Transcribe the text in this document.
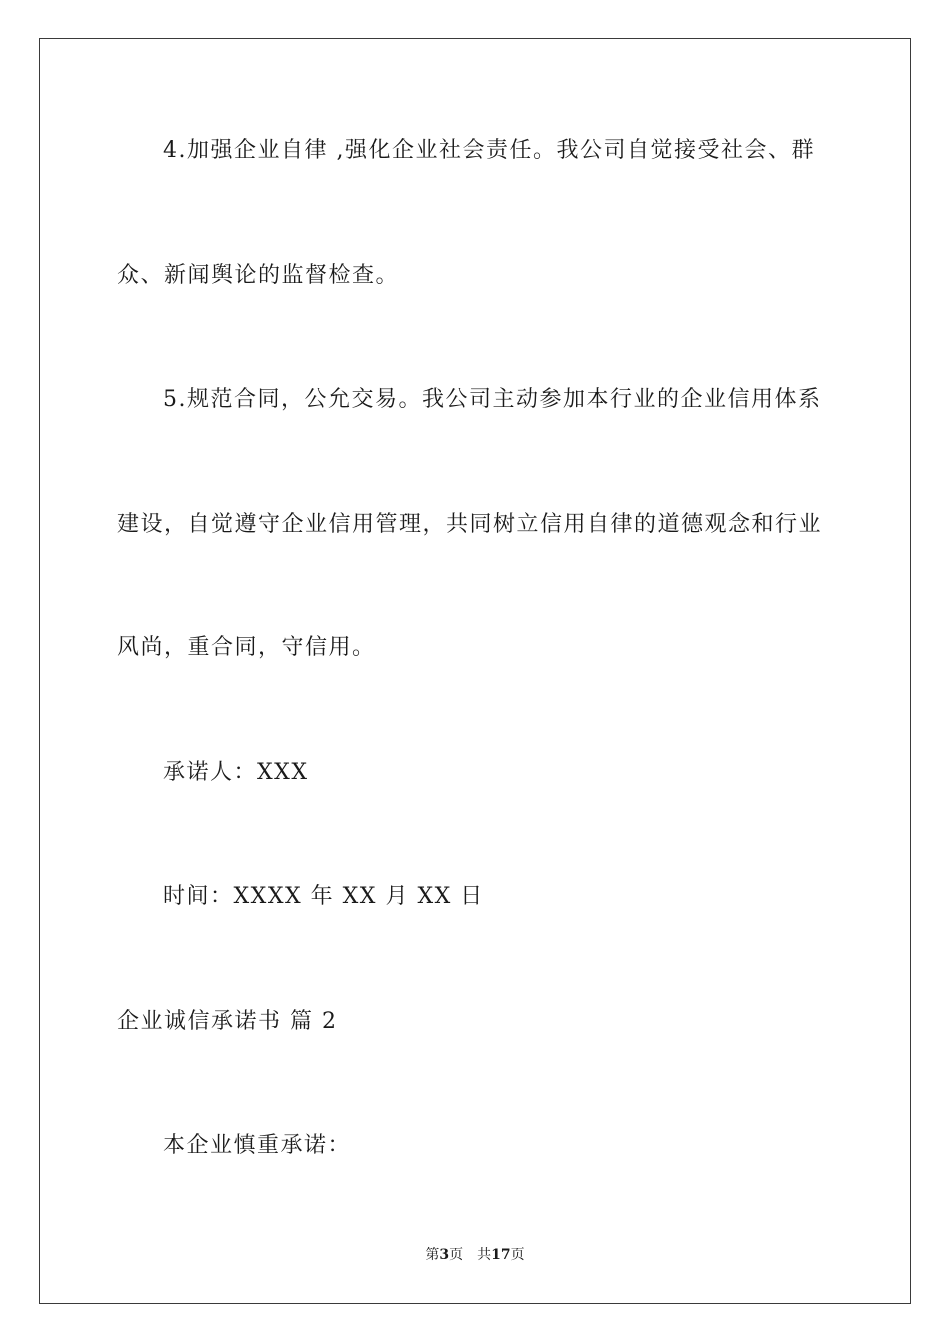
4.加强企业自律 ,强化企业社会责任。我公司自觉接受社会、群
众、新闻舆论的监督检查。
5.规范合同，公允交易。我公司主动参加本行业的企业信用体系
建设，自觉遵守企业信用管理，共同树立信用自律的道德观念和行业
风尚，重合同，守信用。
承诺人：XXX
时间：XXXX 年 XX 月 XX 日
企业诚信承诺书 篇 2
本企业慎重承诺：
第3页 共17页
